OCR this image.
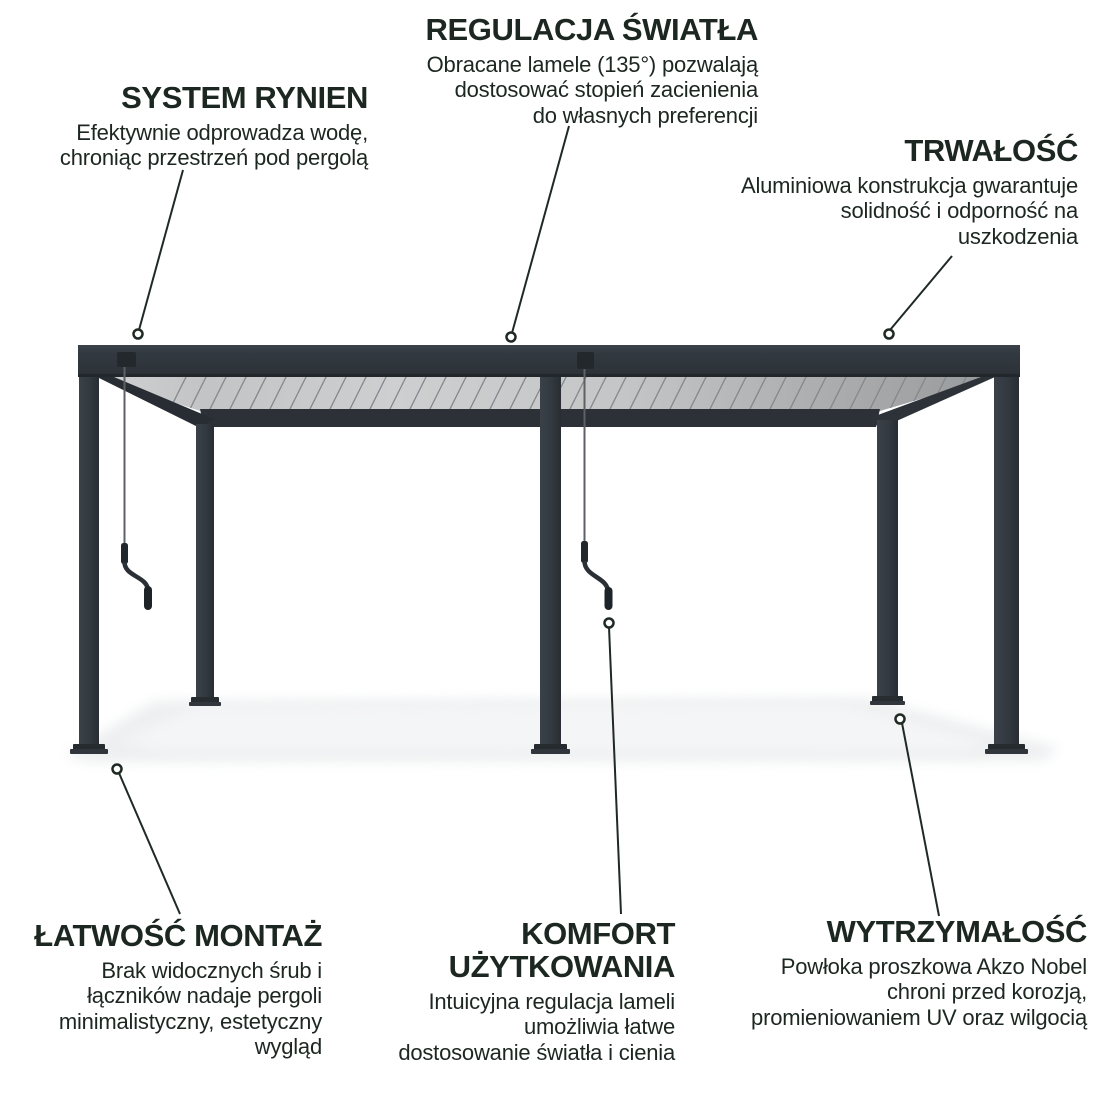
REGULACJA ŚWIATŁA
Obracane lamele (135°) pozwalają
dostosować stopień zacienienia
do własnych preferencji
SYSTEM RYNIEN
Efektywnie odprowadza wodę,
chroniąc przestrzeń pod pergolą	TRWAŁOŚĆ
Aluminiowa konstrukcja gwarantuje
solidność i odporność na
uszkodzenia
ŁATWOŚĆ MONTAŻ
Brak widocznych śrub i
łączników nadaje pergoli
minimalistyczny, estetyczny
wygląd
KOMFORT
UŻYTKOWANIA
Intuicyjna regulacja lameli
umożliwia łatwe
dostosowanie światła i cienia
WYTRZYMAŁOŚĆ
Powłoka proszkowa Akzo Nobel
chroni przed korozją,
promieniowaniem UV oraz wilgocią
